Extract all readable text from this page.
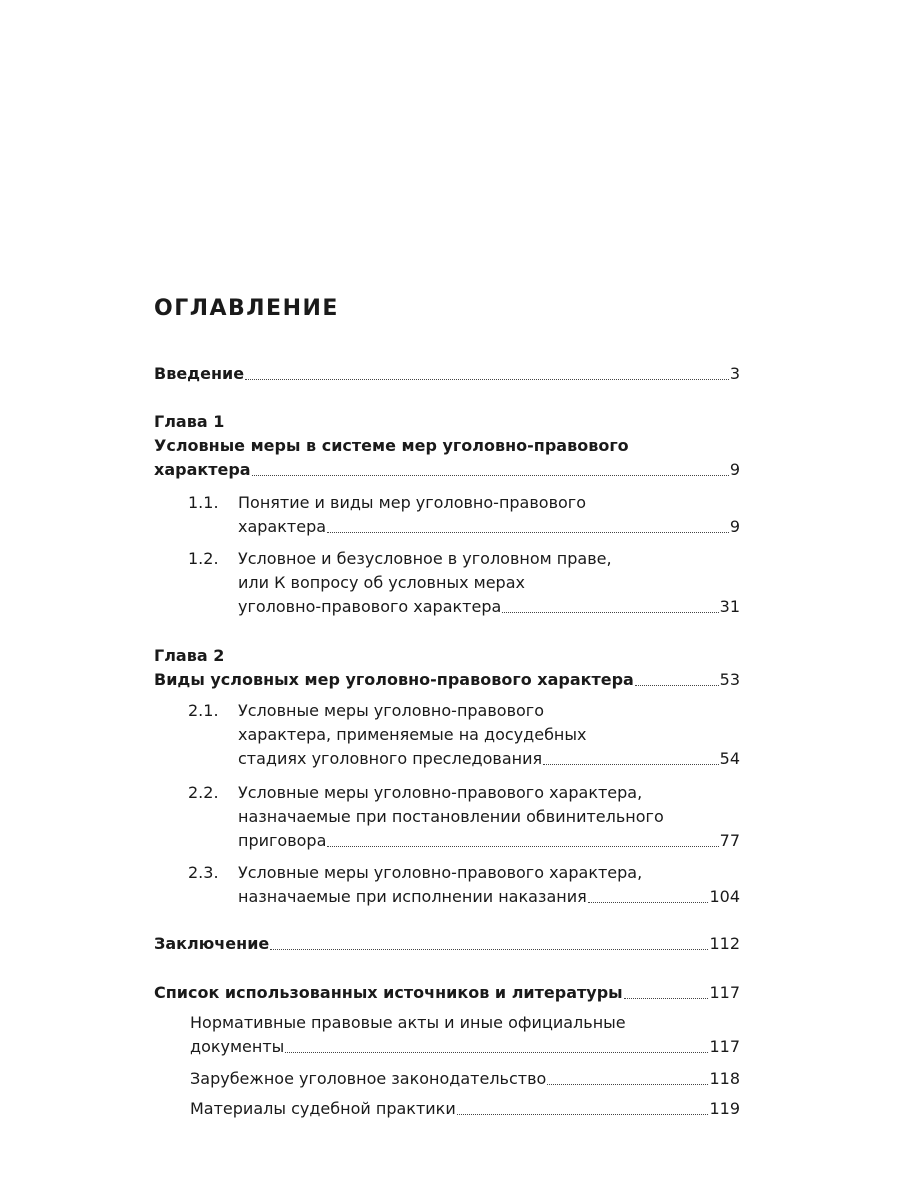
ОГЛАВЛЕНИЕ
Введение	3
Глава 1
Условные меры в системе мер уголовно-правового
характера	9
1.1. Понятие и виды мер уголовно-правового
характера	9
1.2. Условное и безусловное в уголовном праве,
или К вопросу об условных мерах
уголовно-правового характера	31
Глава 2
Виды условных мер уголовно-правового характера	53
2.1. Условные меры уголовно-правового
характера, применяемые на досудебных
стадиях уголовного преследования	54
2.2. Условные меры уголовно-правового характера,
назначаемые при постановлении обвинительного
приговора	77
2.3. Условные меры уголовно-правового характера,
назначаемые при исполнении наказания	104
Заключение	112
Список использованных источников и литературы	117
Нормативные правовые акты и иные официальные
документы	117
Зарубежное уголовное законодательство	118
Материалы судебной практики	119
